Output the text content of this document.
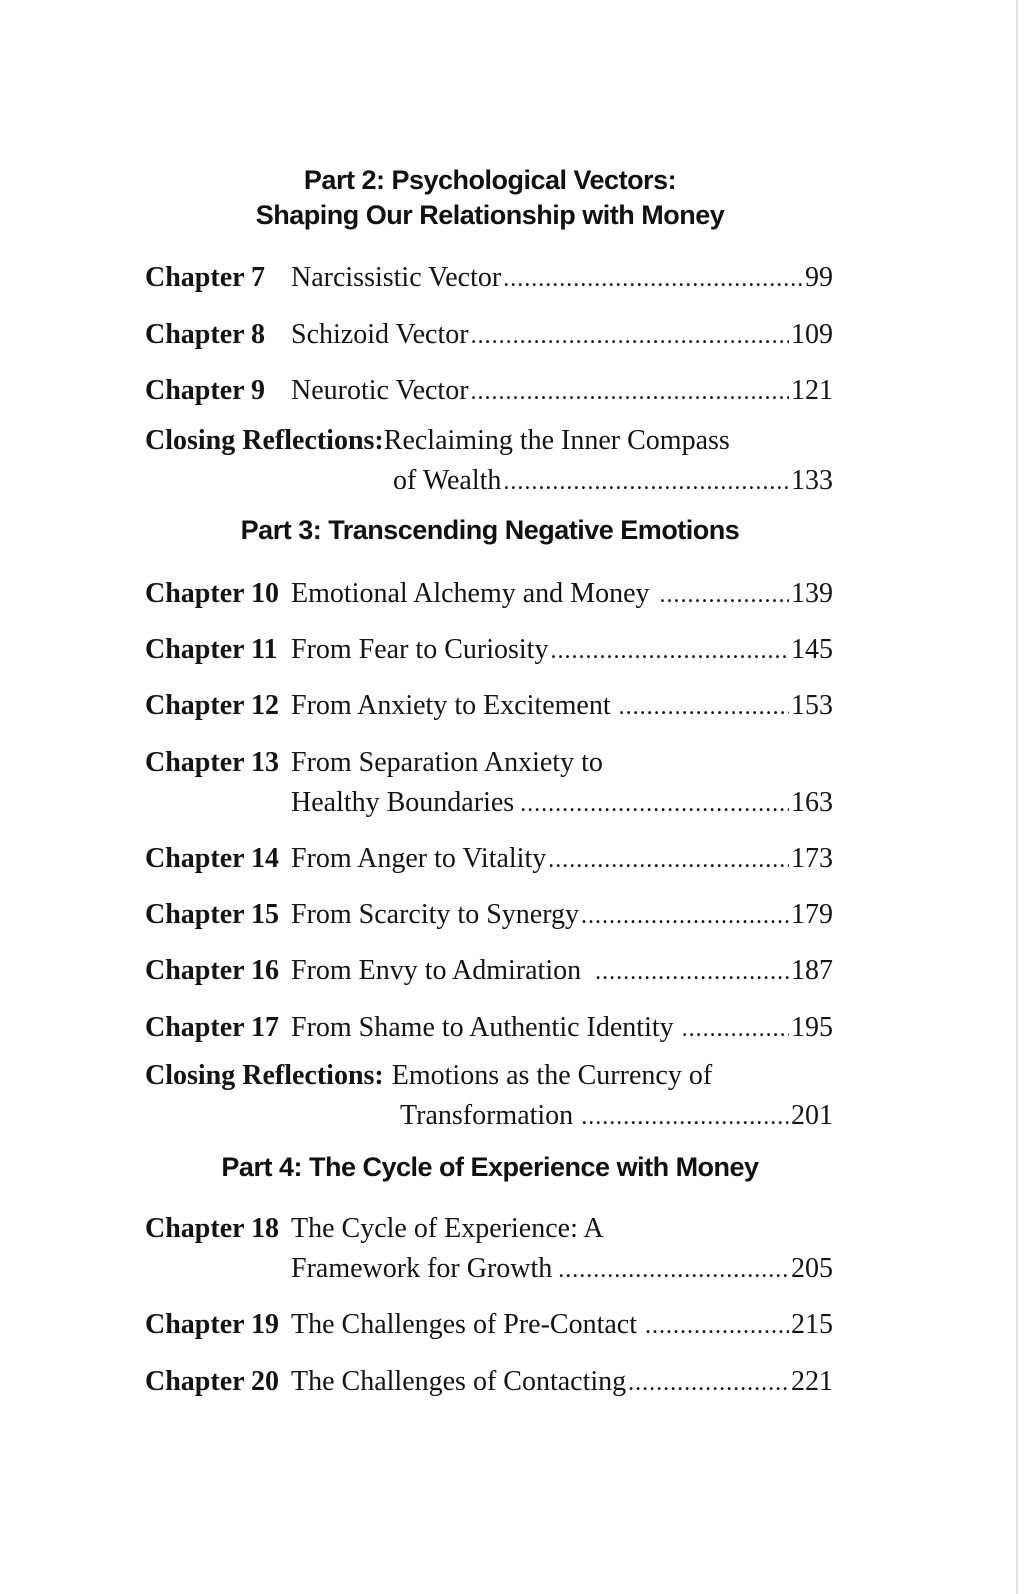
Part 2: Psychological Vectors:
Shaping Our Relationship with Money
Chapter 7 Narcissistic Vector .....	99
Chapter 8 Schizoid Vector .....	109
Chapter 9 Neurotic Vector .....	121
Closing Reflections: Reclaiming the Inner Compass
of Wealth .....	133
Part 3: Transcending Negative Emotions
Chapter 10 Emotional Alchemy and Money .....	139
Chapter 11 From Fear to Curiosity .....	145
Chapter 12 From Anxiety to Excitement .....	153
Chapter 13 From Separation Anxiety to
Healthy Boundaries .....	163
Chapter 14 From Anger to Vitality .....	173
Chapter 15 From Scarcity to Synergy .....	179
Chapter 16 From Envy to Admiration .....	187
Chapter 17 From Shame to Authentic Identity .....	195
Closing Reflections: Emotions as the Currency of
Transformation .....	201
Part 4: The Cycle of Experience with Money
Chapter 18 The Cycle of Experience: A
Framework for Growth .....	205
Chapter 19 The Challenges of Pre-Contact .....	215
Chapter 20 The Challenges of Contacting .....	221
